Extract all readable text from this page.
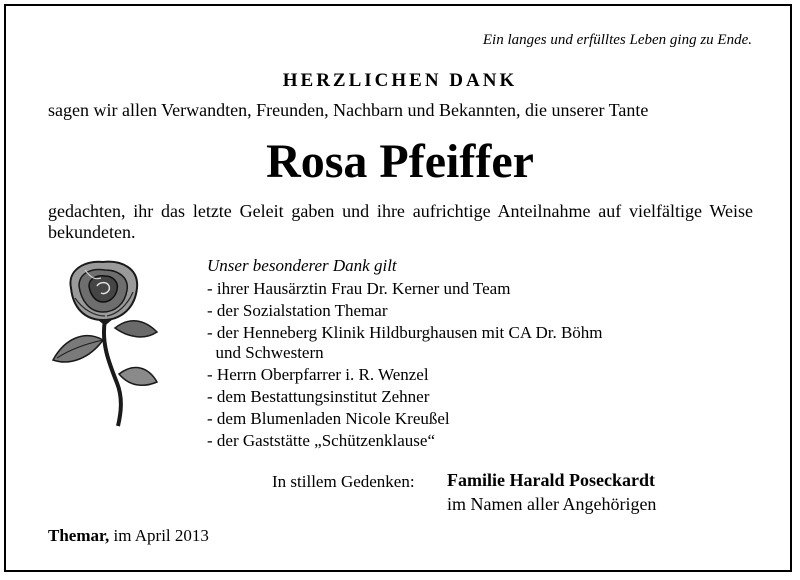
Ein langes und erfülltes Leben ging zu Ende.
HERZLICHEN DANK
sagen wir allen Verwandten, Freunden, Nachbarn und Bekannten, die unserer Tante
Rosa Pfeiffer
gedachten, ihr das letzte Geleit gaben und ihre aufrichtige Anteilnahme auf vielfältige Weise bekundeten.
Unser besonderer Dank gilt
- ihrer Hausärztin Frau Dr. Kerner und Team
- der Sozialstation Themar
- der Henneberg Klinik Hildburghausen mit CA Dr. Böhm
und Schwestern
- Herrn Oberpfarrer i. R. Wenzel
- dem Bestattungsinstitut Zehner
- dem Blumenladen Nicole Kreußel
- der Gaststätte „Schützenklause“
In stillem Gedenken: Familie Harald Poseckardt
im Namen aller Angehörigen
Themar, im April 2013
